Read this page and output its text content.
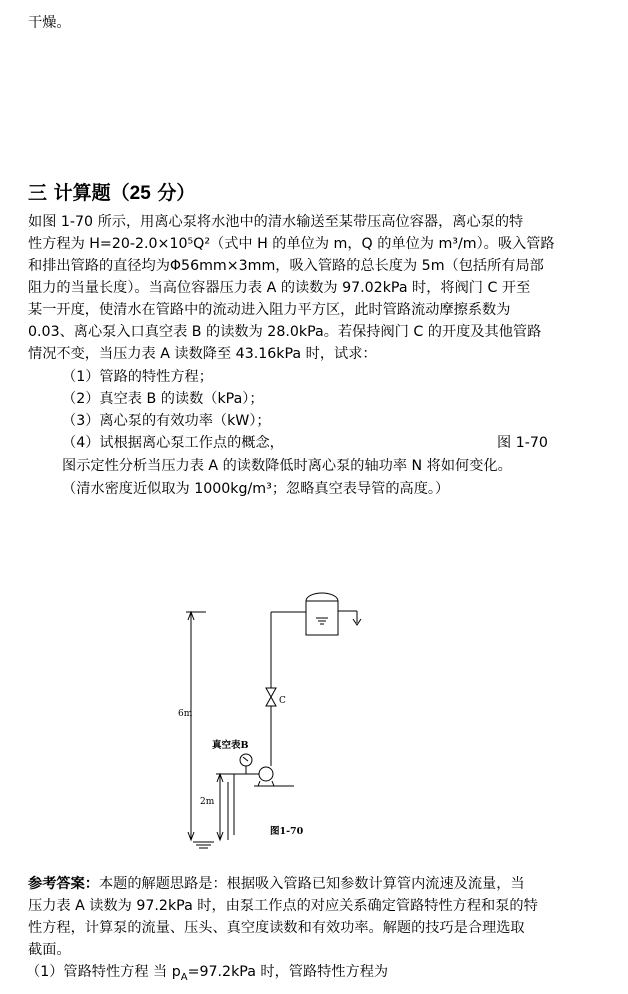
干燥。
三 计算题（25 分）
如图 1-70 所示，用离心泵将水池中的清水输送至某带压高位容器，离心泵的特
性方程为 H=20-2.0×10⁵Q²（式中 H 的单位为 m，Q 的单位为 m³/m）。吸入管路
和排出管路的直径均为Φ56mm×3mm，吸入管路的总长度为 5m（包括所有局部
阻力的当量长度）。当高位容器压力表 A 的读数为 97.02kPa 时，将阀门 C 开至
某一开度，使清水在管路中的流动进入阻力平方区，此时管路流动摩擦系数为
0.03、离心泵入口真空表 B 的读数为 28.0kPa。若保持阀门 C 的开度及其他管路
情况不变，当压力表 A 读数降至 43.16kPa 时，试求：
（1）管路的特性方程；
（2）真空表 B 的读数（kPa）；
（3）离心泵的有效功率（kW）；
（4）试根据离心泵工作点的概念，	图 1-70
图示定性分析当压力表 A 的读数降低时离心泵的轴功率 N 将如何变化。
（清水密度近似取为 1000kg/m³；忽略真空表导管的高度。）
6m
2m
C
真空表B
图1-70
参考答案：本题的解题思路是：根据吸入管路已知参数计算管内流速及流量，当
压力表 A 读数为 97.2kPa 时，由泵工作点的对应关系确定管路特性方程和泵的特
性方程，计算泵的流量、压头、真空度读数和有效功率。解题的技巧是合理选取
截面。
（1）管路特性方程 当 $p_A=97.2kPa$ 时，管路特性方程为
